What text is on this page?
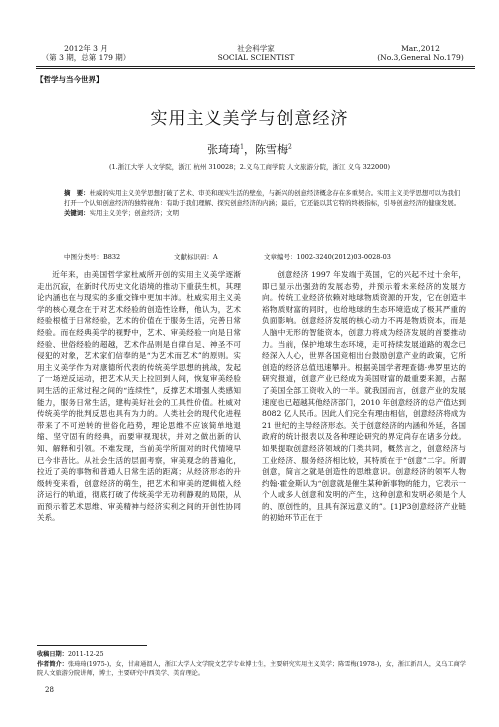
2012年 3 月
（第 3 期，总第 179 期）
社会科学家
SOCIAL SCIENTIST
Mar.,2012
(No.3,General No.179)
【哲学与当今世界】
实用主义美学与创意经济
张琦琦$^1$，陈雪梅$^2$
(1.浙江大学 人文学院，浙江 杭州 310028；2.义乌工商学院 人文旅游分院，浙江 义乌 322000)
摘　要：杜威的实用主义美学思想打破了艺术、审美和现实生活的壁垒，与新兴的创意经济概念存在多重契合。实用主义美学思想可以为我们打开一个认知创意经济的独特视角：有助于我们理解、探究创意经济的内涵；最后，它还能以其它特的终极指标，引导创意经济的健康发展。
关键词：实用主义美学；创意经济；文明
中图分类号：B832	文献标识码：A	文章编号：1002-3240(2012)03-0028-03

近年来，由美国哲学家杜威所开创的实用主义美学逐渐走出沉寂，在新时代历史文化语境的推动下重获生机，其理论内涵也在与现实的多重交锋中更加丰沛。杜威实用主义美学的核心观念在于对艺术经验的创造性诠释，他认为，艺术经验根植于日常经验，艺术的价值在于服务生活，完善日常经验。而在经典美学的视野中，艺术、审美经验一向是日常经验、世俗经验的超越，艺术作品则是自律自足、神圣不可侵犯的对象，艺术家们信奉的是“为艺术而艺术”的原则。实用主义美学作为对康德所代表的传统美学思想的挑战，发起了一场逆反运动，把艺术从天上拉回到人间，恢复审美经验同生活的正常过程之间的“连续性”，反撑艺术增强人类感知能力，服务日常生活，建构美好社会的工具性价值。杜威对传统美学的批判反思也具有为力的。人类社会的现代化进程带来了不可逆转的世俗化趋势，理论思维不应该简单地退缩、坚守固有的经典，而要审视现状，并对之做出新的认知、解释和引领。不难发现，当前美学所面对的时代情境早已今非昔比。从社会生活的层面考察，审美观念的普遍化，拉近了美的事物和普通人日常生活的距离；从经济形态的升级转变来看，创意经济的萌生，把艺术和审美的逻辑植入经济运行的轨道，彻底打破了传统美学无功利静观的局限，从而预示着艺术思维、审美精神与经济实利之间的开创性协同关系。

创意经济 1997 年发端于英国，它的兴起不过十余年，即已显示出强劲的发展态势，并预示着未来经济的发展方向。传统工业经济依赖对地球物质资源的开发，它在创造丰裕物质财富的同时，也给地球的生态环境造成了极其严重的负面影响。创意经济发展的核心动力不再是物质资本，而是人脑中无形的智能资本，创意力将成为经济发展的首要推动力。当前，保护地球生态环境，走可持续发展道路的观念已经深入人心，世界各国竞相出台鼓励创意产业的政策，它所创造的经济总值迅速攀升。根据美国学者理查德·弗罗里达的研究报道，创意产业已经成为美国财富的最重要来源，占据了美国全部工资收入的一半。就我国而言，创意产业的发展速度也已超越其他经济部门，2010 年创意经济的总产值达到 8082 亿人民币。因此人们完全有理由相信，创意经济将成为 21 世纪的主导经济形态。关于创意经济的内涵和外延，各国政府的统计报表以及各种理论研究的界定尚存在诸多分歧。如果提取创意经济领域的门类共同，概然言之，创意经济与工业经济、服务经济相比较，其特质在于“创意”二字。所谓创意，简言之就是创造性的思维意识。创意经济的领军人物约翰·霍金斯认为“创意就是催生某种新事物的能力，它表示一个人或多人创意和发明的产生，这种创意和发明必须是个人的、原创性的，且具有深远意义的”。[1]P3创意经济产业链的初始环节正在于

收稿日期：2011-12-25
作者简介：张琦琦(1975-)，女，甘肃通渭人，浙江大学人文学院文艺学专业博士生，主要研究实用主义美学；陈雪梅(1978-)，女，浙江新昌人，义乌工商学院人文旅游分院讲师，博士，主要研究中西美学、美育理论。
28
